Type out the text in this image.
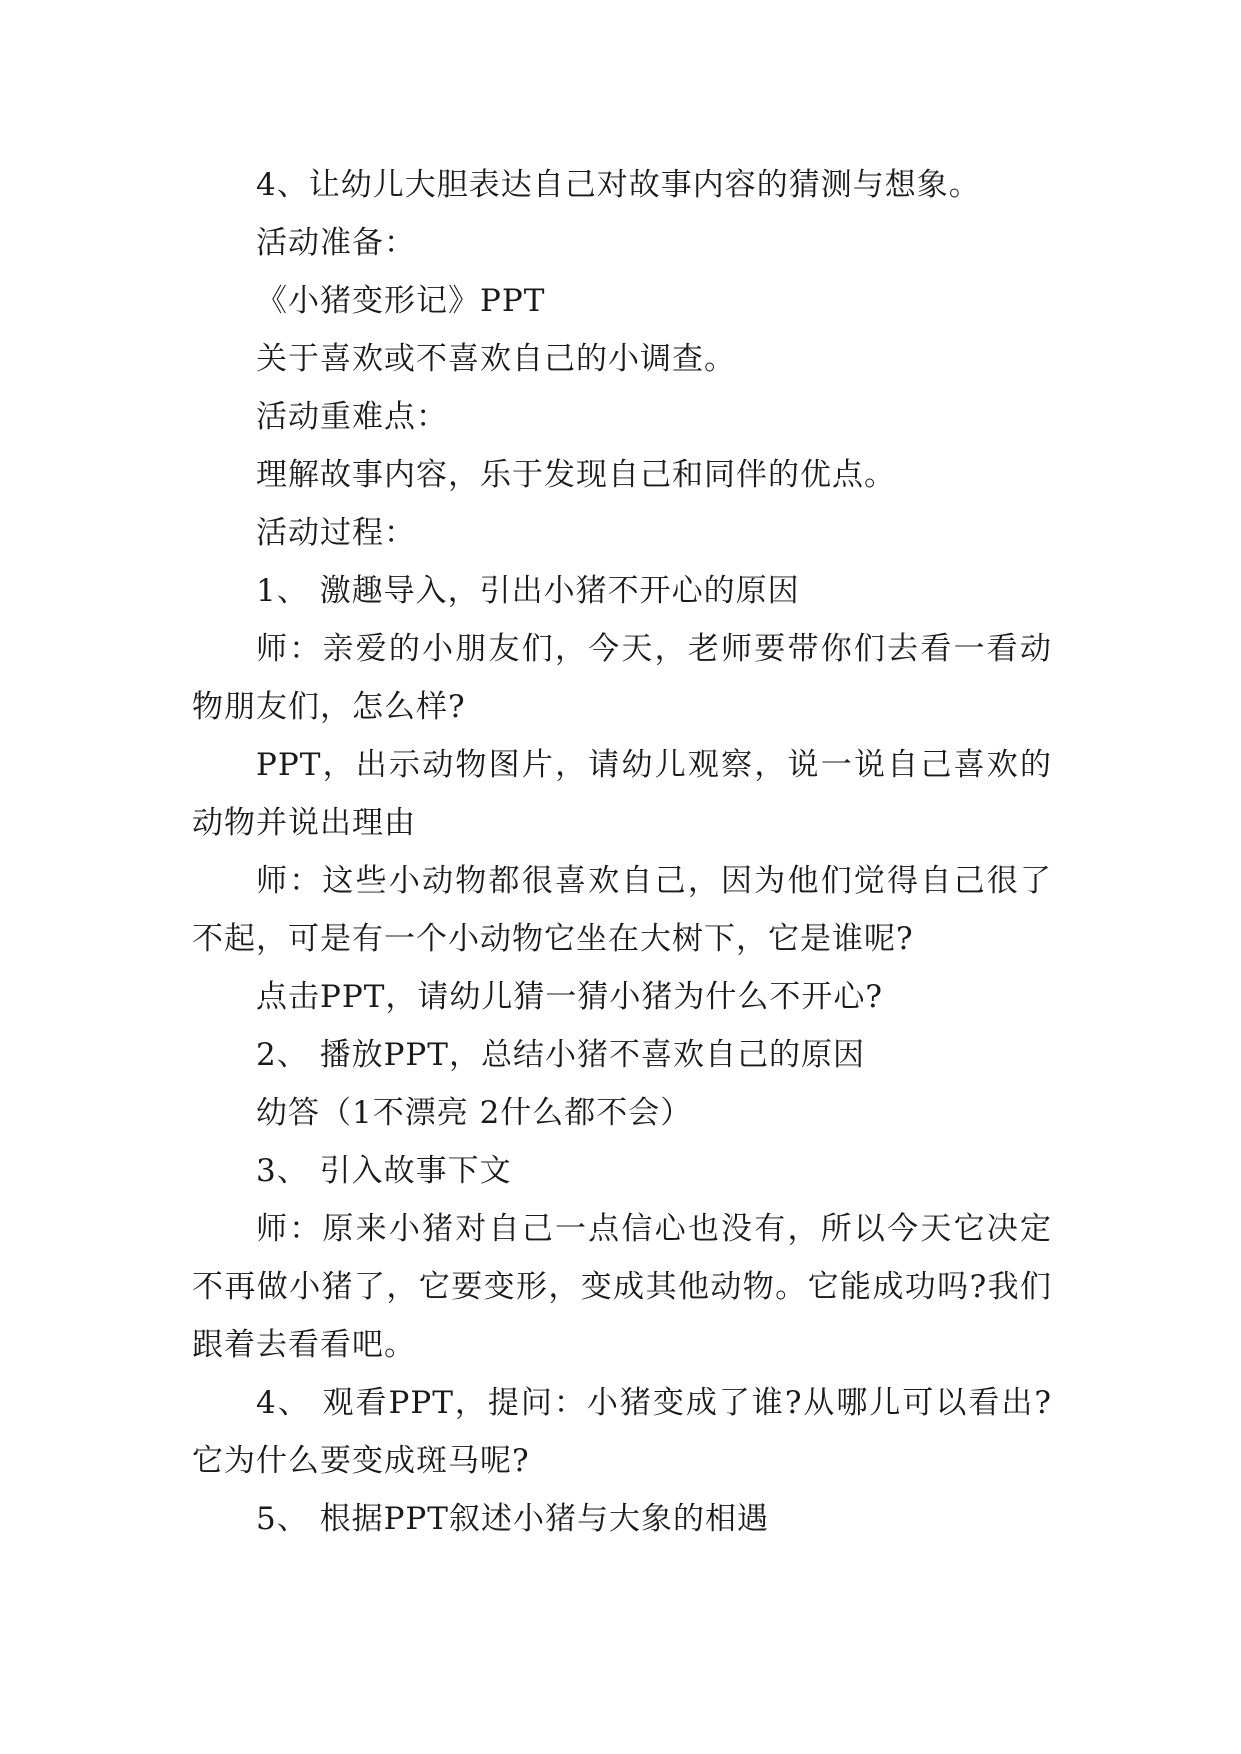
4、让幼儿大胆表达自己对故事内容的猜测与想象。

活动准备：

《小猪变形记》PPT

关于喜欢或不喜欢自己的小调查。

活动重难点：

理解故事内容，乐于发现自己和同伴的优点。

活动过程：

1、 激趣导入，引出小猪不开心的原因

师：亲爱的小朋友们，今天，老师要带你们去看一看动物朋友们，怎么样?

PPT，出示动物图片，请幼儿观察，说一说自己喜欢的动物并说出理由

师：这些小动物都很喜欢自己，因为他们觉得自己很了不起，可是有一个小动物它坐在大树下，它是谁呢?

点击PPT，请幼儿猜一猜小猪为什么不开心?

2、 播放PPT，总结小猪不喜欢自己的原因

幼答（1不漂亮 2什么都不会）

3、 引入故事下文

师：原来小猪对自己一点信心也没有，所以今天它决定不再做小猪了，它要变形，变成其他动物。它能成功吗?我们跟着去看看吧。

4、 观看PPT，提问：小猪变成了谁?从哪儿可以看出?它为什么要变成斑马呢?

5、 根据PPT叙述小猪与大象的相遇
